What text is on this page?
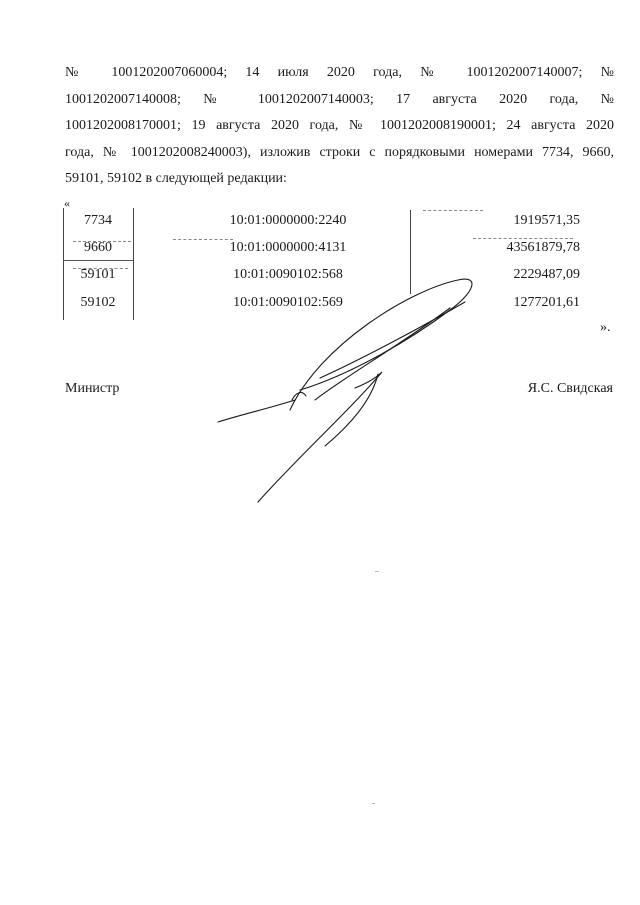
№ 1001202007060004; 14 июля 2020 года, № 1001202007140007; №
1001202007140008; № 1001202007140003; 17 августа 2020 года, №
1001202008170001; 19 августа 2020 года, № 1001202008190001; 24 августа 2020
года, № 1001202008240003), изложив строки с порядковыми номерами 7734, 9660,
59101, 59102 в следующей редакции:
«
7734	10:01:0000000:2240	1919571,35
9660	10:01:0000000:4131	43561879,78
59101	10:01:0090102:568	2229487,09
59102	10:01:0090102:569	1277201,61
».
Министр	Я.С. Свидская
